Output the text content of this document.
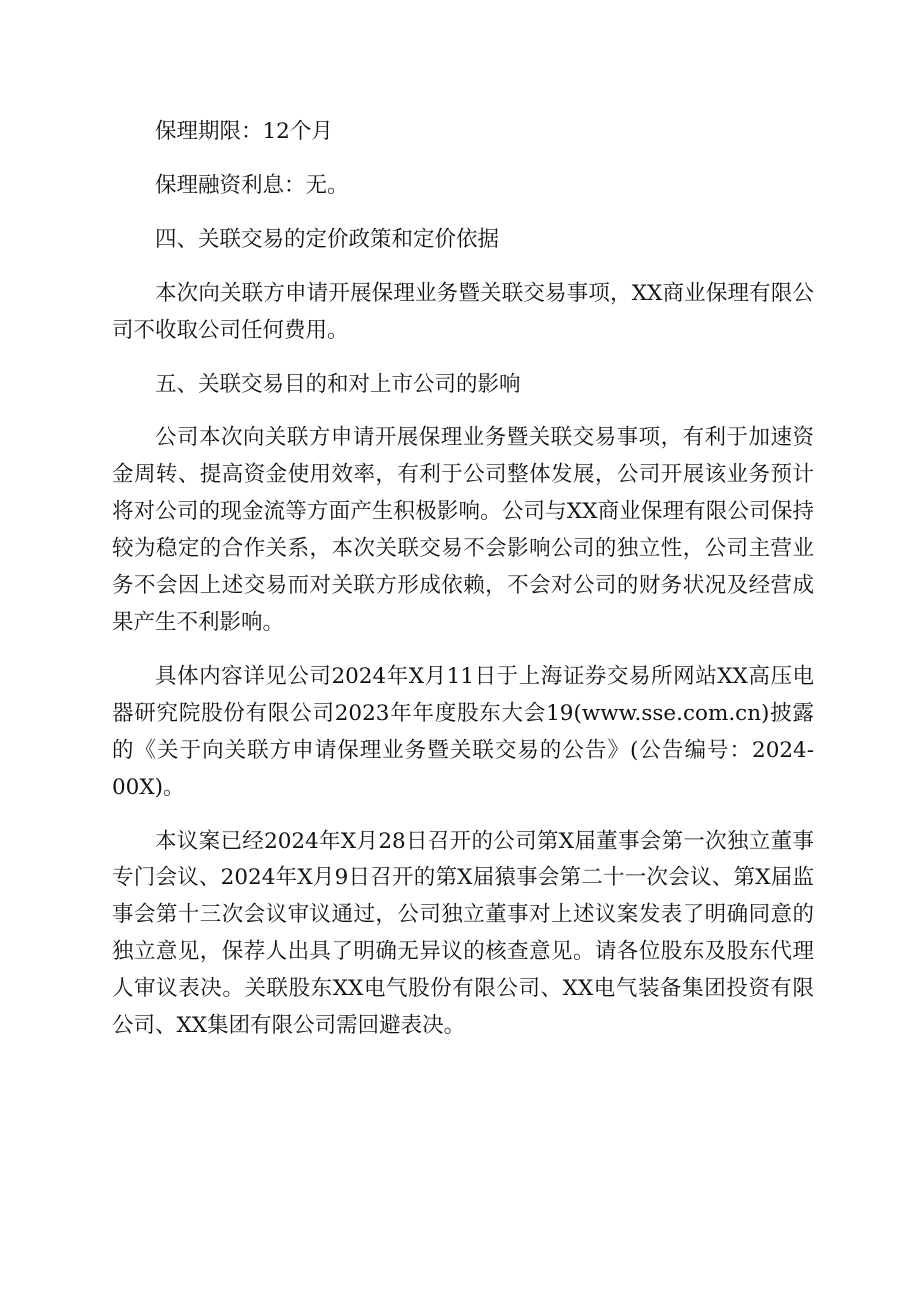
保理期限：12个月

保理融资利息：无。

四、关联交易的定价政策和定价依据

本次向关联方申请开展保理业务暨关联交易事项，XX商业保理有限公司不收取公司任何费用。

五、关联交易目的和对上市公司的影响

公司本次向关联方申请开展保理业务暨关联交易事项，有利于加速资金周转、提高资金使用效率，有利于公司整体发展，公司开展该业务预计将对公司的现金流等方面产生积极影响。公司与XX商业保理有限公司保持较为稳定的合作关系，本次关联交易不会影响公司的独立性，公司主营业务不会因上述交易而对关联方形成依赖，不会对公司的财务状况及经营成果产生不利影响。

具体内容详见公司2024年X月11日于上海证券交易所网站XX高压电器研究院股份有限公司2023年年度股东大会19(www.sse.com.cn)披露的《关于向关联方申请保理业务暨关联交易的公告》(公告编号：2024-00X)。

本议案已经2024年X月28日召开的公司第X届董事会第一次独立董事专门会议、2024年X月9日召开的第X届猿事会第二十一次会议、第X届监事会第十三次会议审议通过，公司独立董事对上述议案发表了明确同意的独立意见，保荐人出具了明确无异议的核查意见。请各位股东及股东代理人审议表决。关联股东XX电气股份有限公司、XX电气装备集团投资有限公司、XX集团有限公司需回避表决。
